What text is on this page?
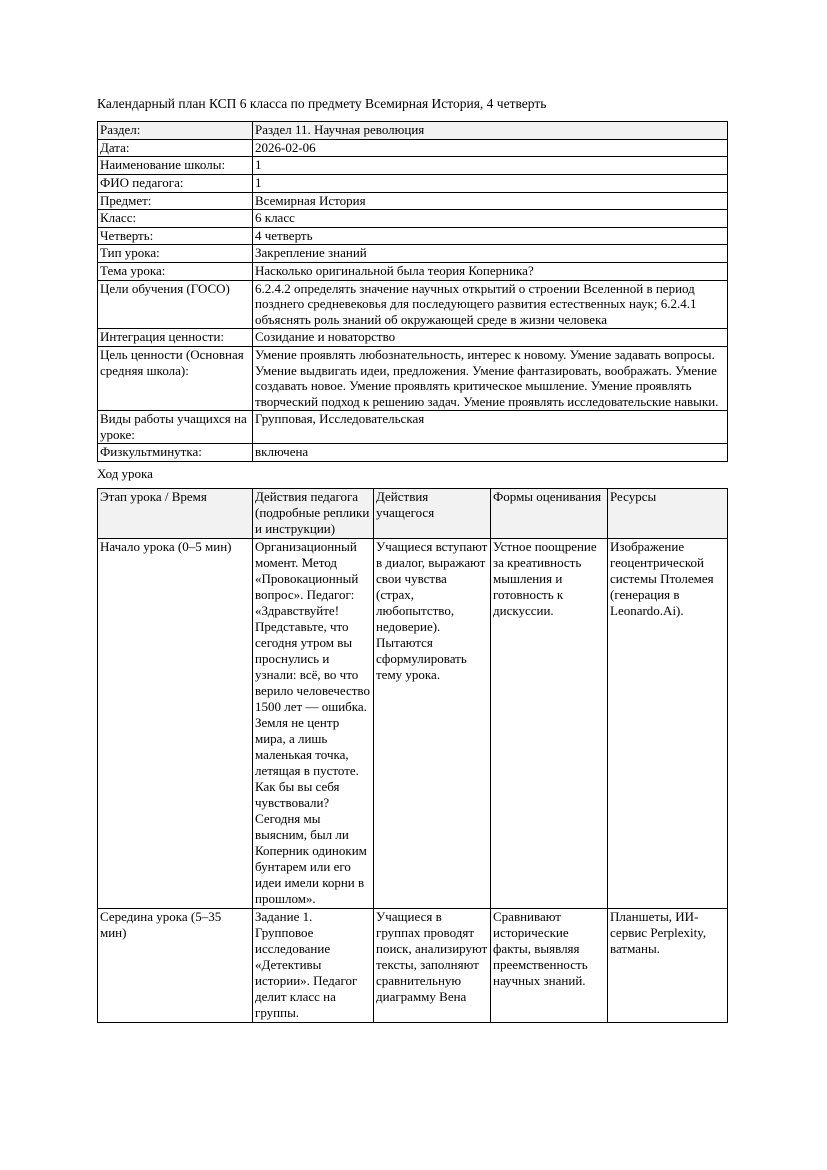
Календарный план КСП 6 класса по предмету Всемирная История, 4 четверть

Раздел:	Раздел 11. Научная революция
Дата:	2026-02-06
Наименование школы:	1
ФИО педагога:	1
Предмет:	Всемирная История
Класс:	6 класс
Четверть:	4 четверть
Тип урока:	Закрепление знаний
Тема урока:	Насколько оригинальной была теория Коперника?
Цели обучения (ГОСО)	6.2.4.2 определять значение научных открытий о строении Вселенной в период позднего средневековья для последующего развития естественных наук; 6.2.4.1 объяснять роль знаний об окружающей среде в жизни человека
Интеграция ценности:	Созидание и новаторство
Цель ценности (Основная средняя школа):	Умение проявлять любознательность, интерес к новому. Умение задавать вопросы. Умение выдвигать идеи, предложения. Умение фантазировать, воображать. Умение создавать новое. Умение проявлять критическое мышление. Умение проявлять творческий подход к решению задач. Умение проявлять исследовательские навыки.
Виды работы учащихся на уроке:	Групповая, Исследовательская
Физкультминутка:	включена

Ход урока

Этап урока / Время	Действия педагога (подробные реплики и инструкции)	Действия учащегося	Формы оценивания	Ресурсы
Начало урока (0–5 мин)	Организационный момент. Метод «Провокационный вопрос». Педагог: «Здравствуйте! Представьте, что сегодня утром вы проснулись и узнали: всё, во что верило человечество 1500 лет — ошибка. Земля не центр мира, а лишь маленькая точка, летящая в пустоте. Как бы вы себя чувствовали? Сегодня мы выясним, был ли Коперник одиноким бунтарем или его идеи имели корни в прошлом».	Учащиеся вступают в диалог, выражают свои чувства (страх, любопытство, недоверие). Пытаются сформулировать тему урока.	Устное поощрение за креативность мышления и готовность к дискуссии.	Изображение геоцентрической системы Птолемея (генерация в Leonardo.Ai).
Середина урока (5–35 мин)	Задание 1. Групповое исследование «Детективы истории». Педагог делит класс на группы.	Учащиеся в группах проводят поиск, анализируют тексты, заполняют сравнительную диаграмму Вена	Сравнивают исторические факты, выявляя преемственность научных знаний.	Планшеты, ИИ-сервис Perplexity, ватманы.
